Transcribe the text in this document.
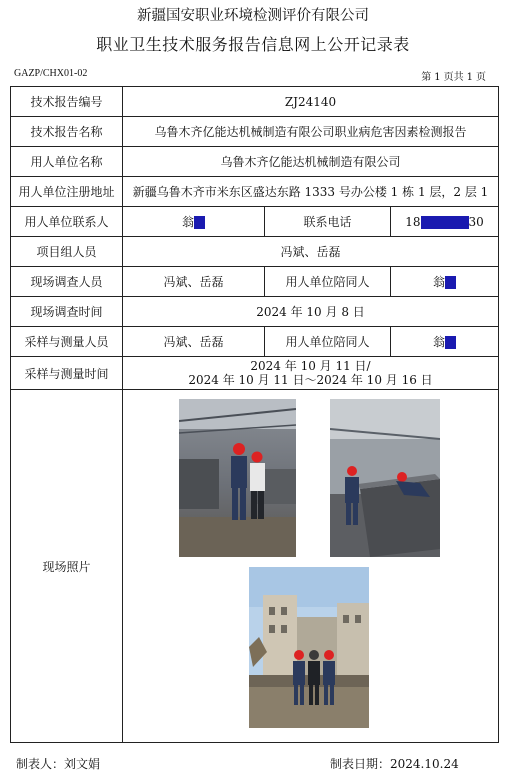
新疆国安职业环境检测评价有限公司
职业卫生技术服务报告信息网上公开记录表
GAZP/CHX01-02	第 1 页共 1 页
技术报告编号	ZJ24140		
技术报告名称	乌鲁木齐亿能达机械制造有限公司职业病危害因素检测报告		
用人单位名称	乌鲁木齐亿能达机械制造有限公司		
用人单位注册地址	新疆乌鲁木齐市米东区盛达东路 1333 号办公楼 1 栋 1 层，2 层 1		
用人单位联系人	翁	联系电话	18 30
项目组人员	冯斌、岳磊		
现场调查人员	冯斌、岳磊	用人单位陪同人	翁
现场调查时间	2024 年 10 月 8 日		
采样与测量人员	冯斌、岳磊	用人单位陪同人	翁
采样与测量时间	2024 年 10 月 11 日/
2024 年 10 月 11 日～2024 年 10 月 16 日		

现场照片			
制表人：刘文娟	制表日期：2024.10.24
